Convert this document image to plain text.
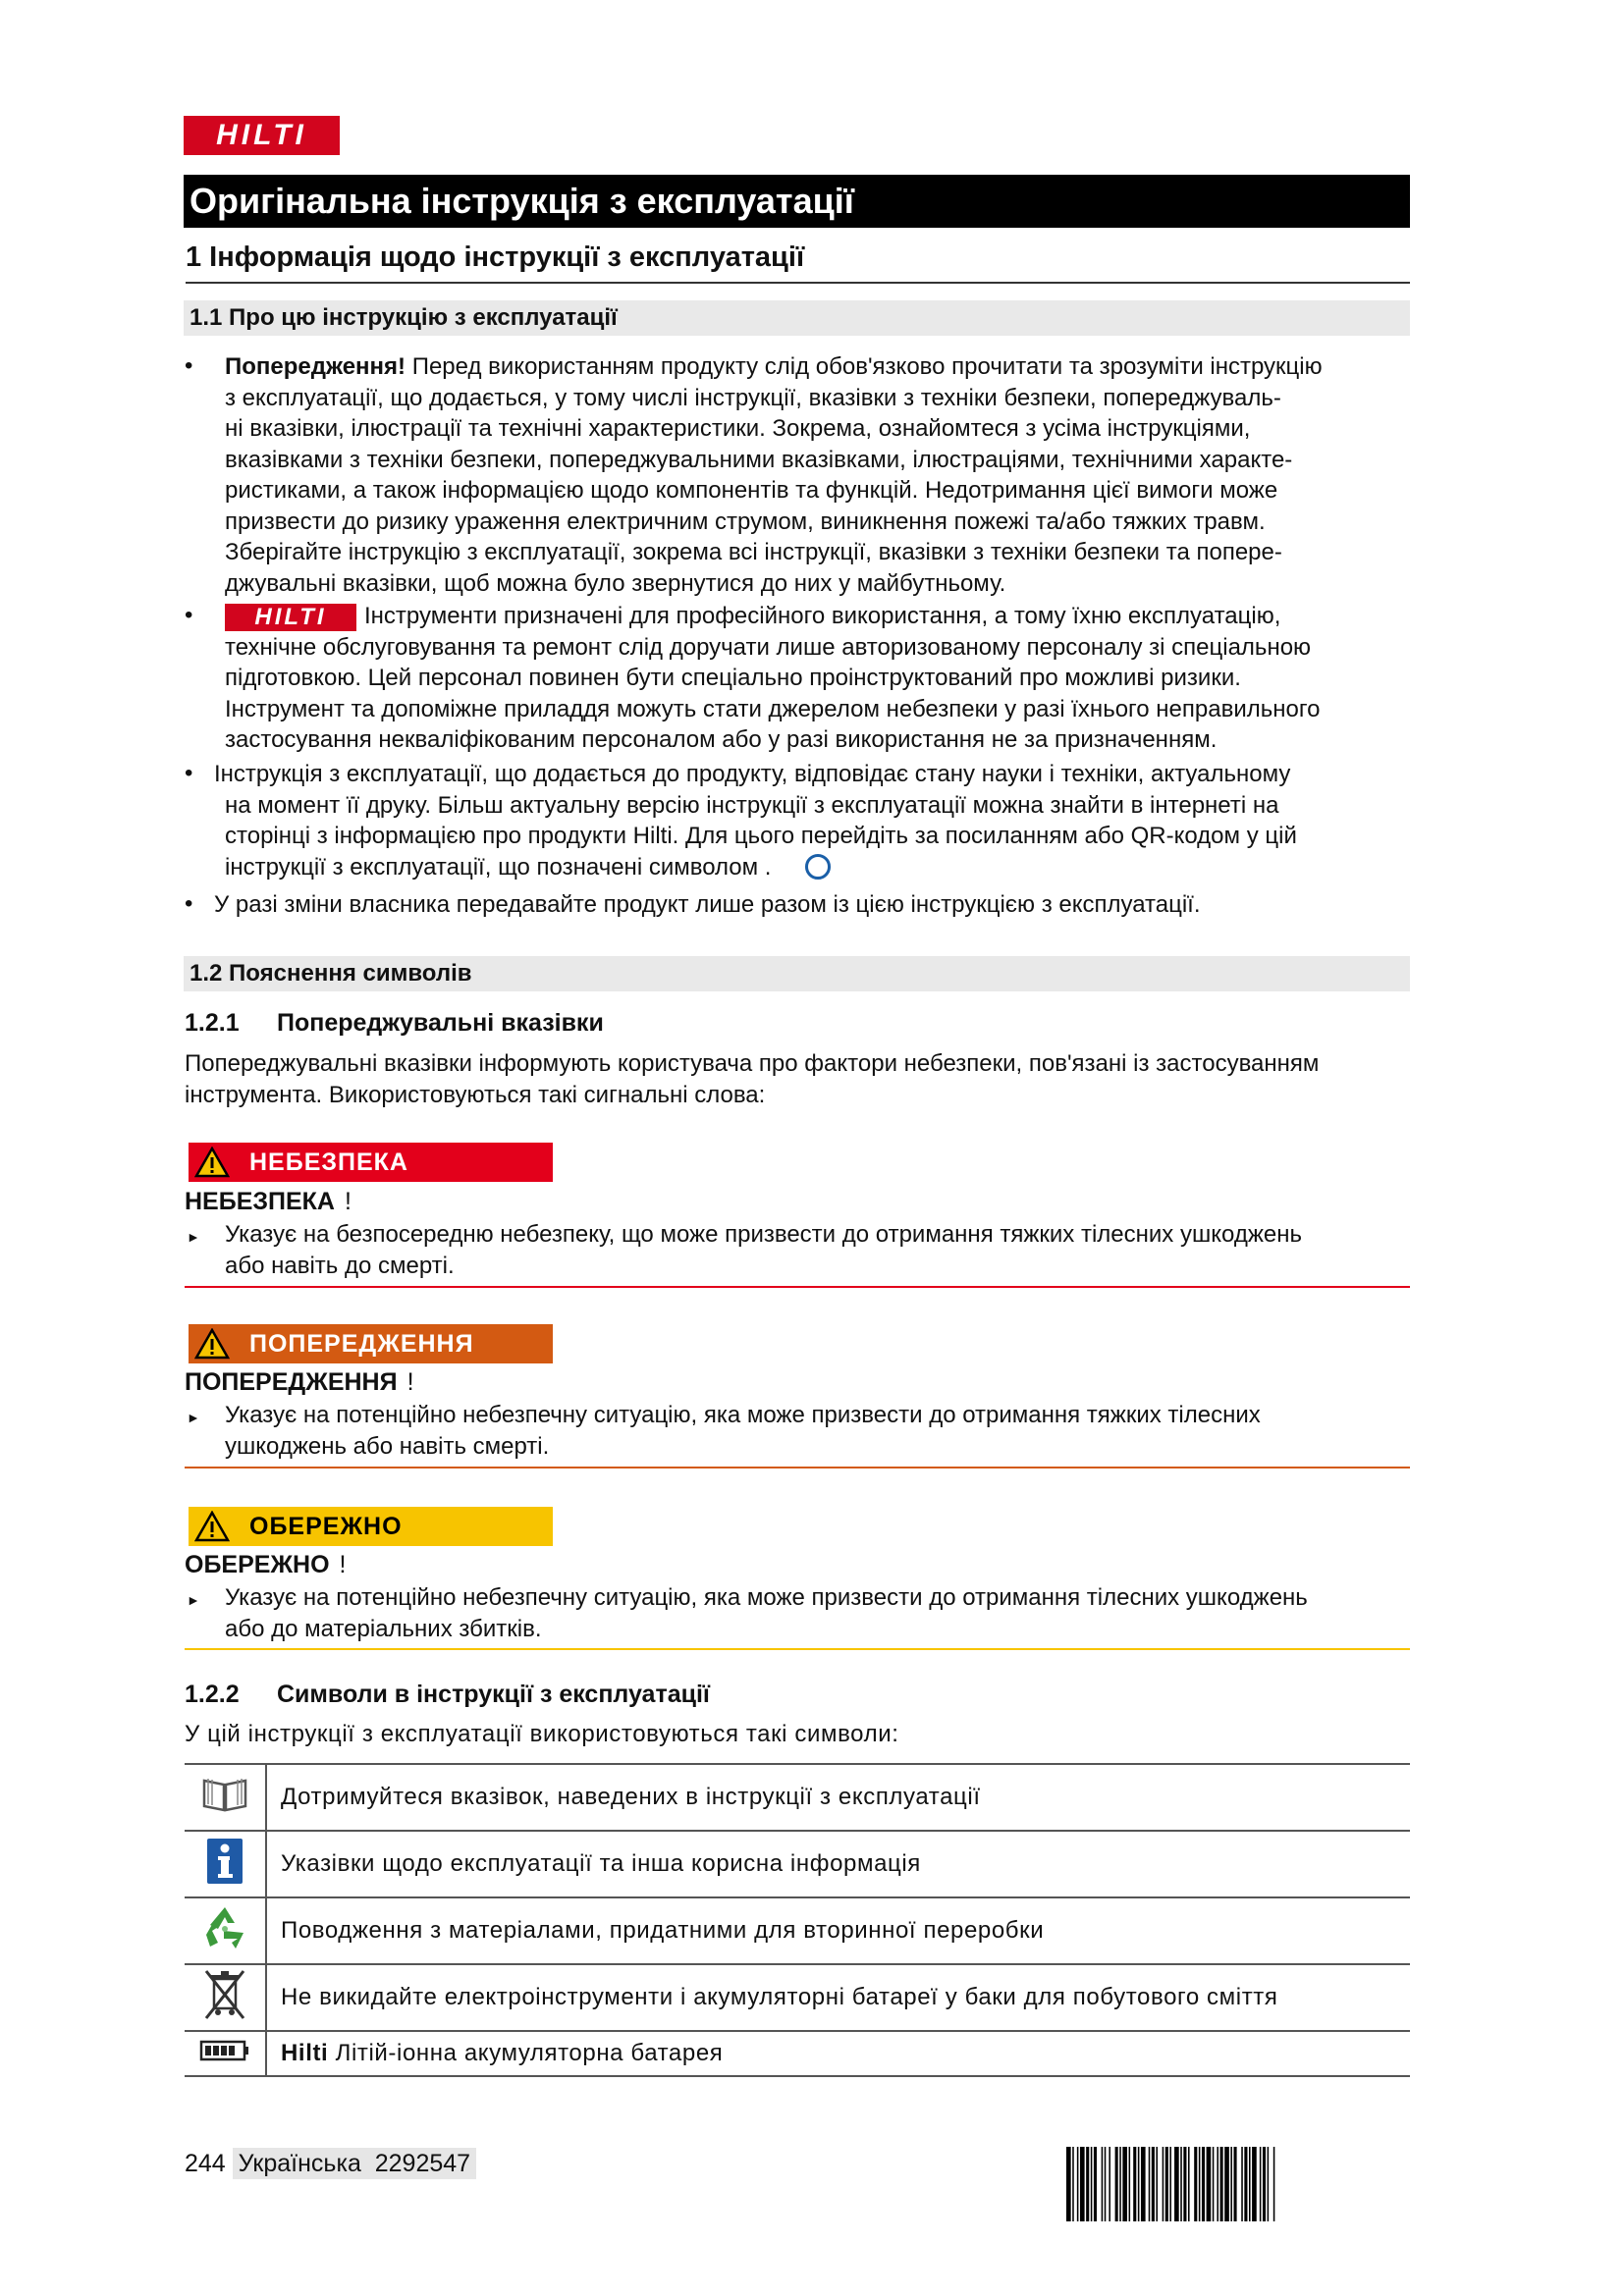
HILTI
Оригінальна інструкція з експлуатації
1 Інформація щодо інструкції з експлуатації
1.1 Про цю інструкцію з експлуатації
• Попередження! Перед використанням продукту слід обов'язково прочитати та зрозуміти інструкцію
з експлуатації, що додається, у тому числі інструкції, вказівки з техніки безпеки, попереджуваль-
ні вказівки, ілюстрації та технічні характеристики. Зокрема, ознайомтеся з усіма інструкціями,
вказівками з техніки безпеки, попереджувальними вказівками, ілюстраціями, технічними характе-
ристиками, а також інформацією щодо компонентів та функцій. Недотримання цієї вимоги може
призвести до ризику ураження електричним струмом, виникнення пожежі та/або тяжких травм.
Зберігайте інструкцію з експлуатації, зокрема всі інструкції, вказівки з техніки безпеки та попере-
джувальні вказівки, щоб можна було звернутися до них у майбутньому.
•	HILTI Інструменти призначені для професійного використання, а тому їхню експлуатацію,
технічне обслуговування та ремонт слід доручати лише авторизованому персоналу зі спеціальною
підготовкою. Цей персонал повинен бути спеціально проінструктований про можливі ризики.
Інструмент та допоміжне приладдя можуть стати джерелом небезпеки у разі їхнього неправильного
застосування некваліфікованим персоналом або у разі використання не за призначенням.
• Інструкція з експлуатації, що додається до продукту, відповідає стану науки і техніки, актуальному
на момент її друку. Більш актуальну версію інструкції з експлуатації можна знайти в інтернеті на
сторінці з інформацією про продукти Hilti. Для цього перейдіть за посиланням або QR-кодом у цій
інструкції з експлуатації, що позначені символом .
• У разі зміни власника передавайте продукт лише разом із цією інструкцією з експлуатації.
1.2 Пояснення символів
1.2.1 Попереджувальні вказівки
Попереджувальні вказівки інформують користувача про фактори небезпеки, пов'язані із застосуванням
інструмента. Використовуються такі сигнальні слова:
НЕБЕЗПЕКА
НЕБЕЗПЕКА !
► Указує на безпосередню небезпеку, що може призвести до отримання тяжких тілесних ушкоджень
або навіть до смерті.
ПОПЕРЕДЖЕННЯ
ПОПЕРЕДЖЕННЯ !
► Указує на потенційно небезпечну ситуацію, яка може призвести до отримання тяжких тілесних
ушкоджень або навіть смерті.
ОБЕРЕЖНО
ОБЕРЕЖНО !
► Указує на потенційно небезпечну ситуацію, яка може призвести до отримання тілесних ушкоджень
або до матеріальних збитків.
1.2.2 Символи в інструкції з експлуатації
У цій інструкції з експлуатації використовуються такі символи:
	Дотримуйтеся вказівок, наведених в інструкції з експлуатації
	Указівки щодо експлуатації та інша корисна інформація
	Поводження з матеріалами, придатними для вторинної переробки
	Не викидайте електроінструменти і акумуляторні батареї у баки для побутового сміття
	Hilti Літій-іонна акумуляторна батарея
244 Українська 2292547
